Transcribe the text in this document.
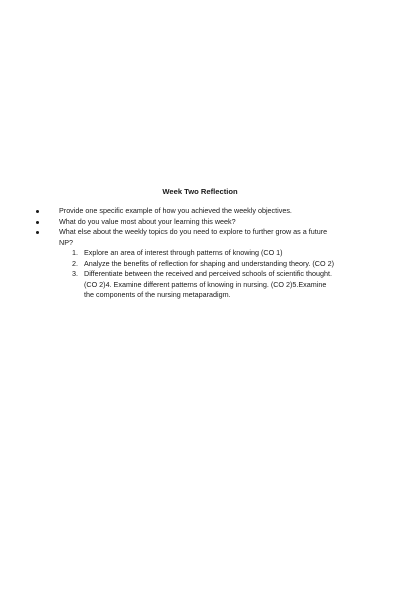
Week Two Reflection
Provide one specific example of how you achieved the weekly objectives.
What do you value most about your learning this week?
What else about the weekly topics do you need to explore to further grow as a future NP?
1. Explore an area of interest through patterns of knowing (CO 1)
2. Analyze the benefits of reflection for shaping and understanding theory. (CO 2)
3. Differentiate between the received and perceived schools of scientific thought. (CO 2)4. Examine different patterns of knowing in nursing. (CO 2)5.Examine the components of the nursing metaparadigm.
